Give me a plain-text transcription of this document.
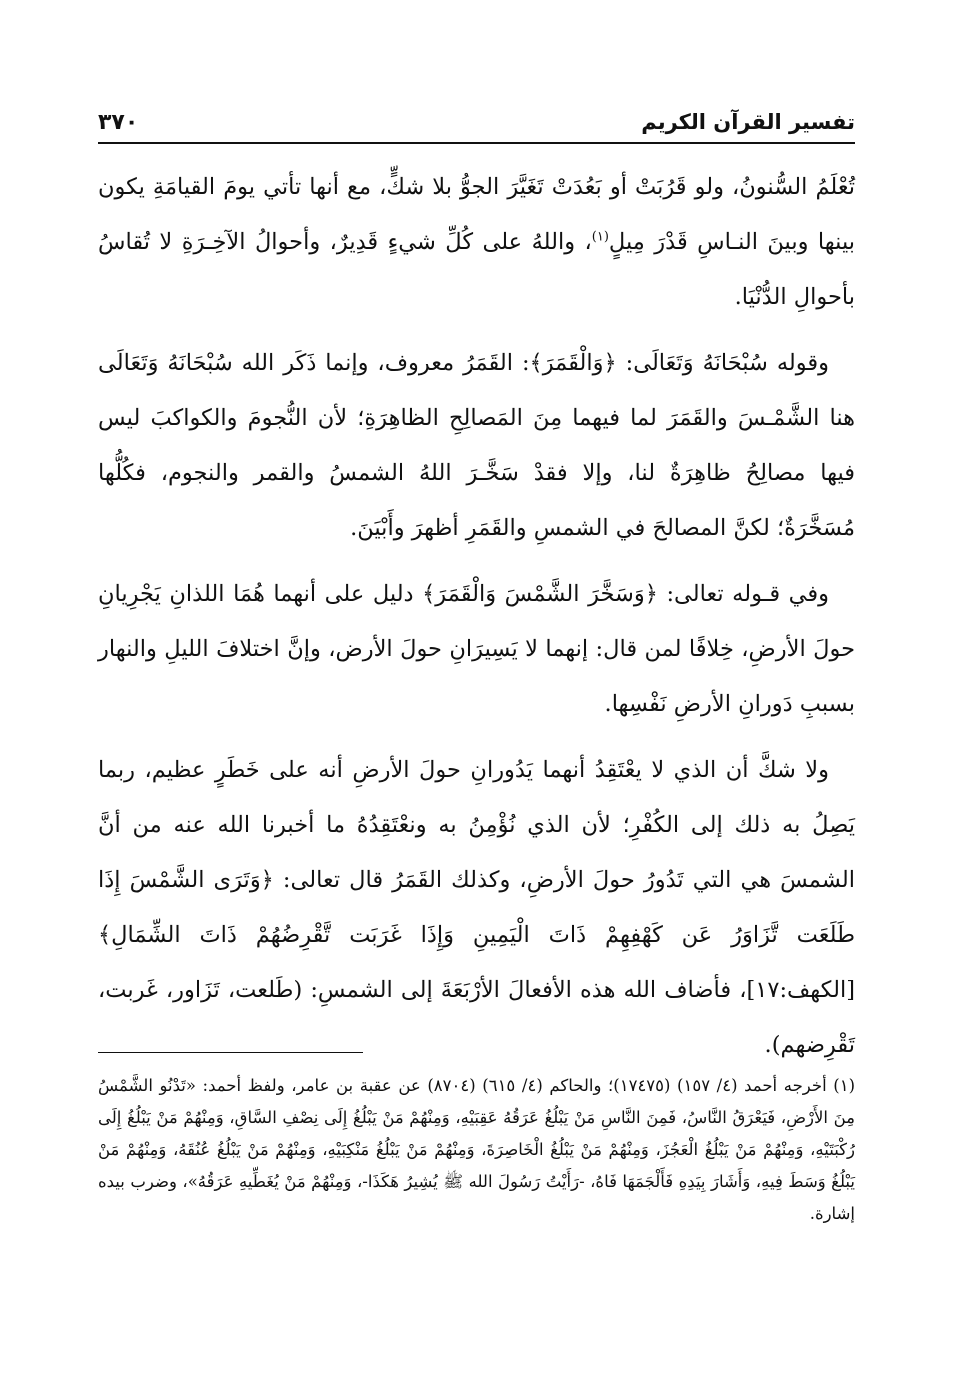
تفسير القرآن الكريم
٣٧٠

تُعْلَمُ السُّنونُ، ولو قَرُبَتْ أو بَعُدَتْ تَغَيَّرَ الجوُّ بلا شكٍّ، مع أنها تأتي يومَ القيامَةِ يكون بينها وبينَ النـاسِ قَدْرَ مِيلٍ$^{(١)}$، واللهُ على كُلِّ شيءٍ قَدِيرٌ، وأحوالُ الآخِـرَةِ لا تُقاسُ بأحوالِ الدُّنْيَا.

وقوله سُبْحَانَهُ وَتَعَالَى: ﴿وَالْقَمَرَ﴾: القَمَرُ معروف، وإنما ذَكَر الله سُبْحَانَهُ وَتَعَالَى هنا الشَّمْـسَ والقَمَرَ لما فيهما مِنَ المَصالِحِ الظاهِرَةِ؛ لأن النُّجومَ والكواكبَ ليس فيها مصالِحُ ظاهِرَةٌ لنا، وإلا فقدْ سَخَّـرَ اللهُ الشمسُ والقمر والنجوم، فكُلُّها مُسَخَّرَةٌ؛ لكنَّ المصالحَ في الشمسِ والقَمَرِ أظهرَ وأَبْيَنَ.

وفي قـوله تعالى: ﴿وَسَخَّرَ الشَّمْسَ وَالْقَمَرَ﴾ دليل على أنهما هُمَا اللذانِ يَجْرِيانِ حولَ الأرضِ، خِلافًا لمن قال: إنهما لا يَسِيرَانِ حولَ الأرض، وإنَّ اختلافَ الليلِ والنهار بسببِ دَورانِ الأرضِ نَفْسِها.

ولا شكَّ أن الذي لا يعْتَقِدُ أنهما يَدُورانِ حولَ الأرضِ أنه على خَطَرٍ عظيم، ربما يَصِلُ به ذلك إلى الكُفْرِ؛ لأن الذي نُؤْمِنُ به ونعْتَقِدُهُ ما أخبرنا الله عنه من أنَّ الشمسَ هي التي تَدُورُ حولَ الأرضِ، وكذلك القَمَرُ قال تعالى: ﴿وَتَرَى الشَّمْسَ إِذَا طَلَعَت تَّزَاوَرُ عَن كَهْفِهِمْ ذَاتَ الْيَمِينِ وَإِذَا غَرَبَت تَّقْرِضُهُمْ ذَاتَ الشِّمَالِ﴾ [الكهف:١٧]، فأضاف الله هذه الأفعالَ الأرْبَعَةَ إلى الشمسِ: (طَلعت، تَزَاور، غَربت، تَقْرِضهم).

(١) أخرجه أحمد (٤/ ١٥٧) (١٧٤٧٥)؛ والحاكم (٤/ ٦١٥) (٨٧٠٤) عن عقبة بن عامر، ولفظ أحمد: «تَدْنُو الشَّمْسُ مِنَ الأَرْضِ، فَيَعْرَقُ النَّاسُ، فَمِنَ النَّاسِ مَنْ يَبْلُغُ عَرَقُهُ عَقِبَيْهِ، وَمِنْهُمْ مَنْ يَبْلُغُ إِلَى نِصْفِ السَّاقِ، وَمِنْهُمْ مَنْ يَبْلُغُ إِلَى رُكْبَتَيْهِ، وَمِنْهُمْ مَنْ يَبْلُغُ الْعَجُزَ، وَمِنْهُمْ مَنْ يَبْلُغُ الْخَاصِرَةَ، وَمِنْهُمْ مَنْ يَبْلُغُ مَنْكِبَيْهِ، وَمِنْهُمْ مَنْ يَبْلُغُ عُنُقَهُ، وَمِنْهُمْ مَنْ يَبْلُغُ وَسَطَ فِيهِ، وَأَشَارَ بِيَدِهِ فَأَلْجَمَهَا فَاهُ، -رَأَيْتُ رَسُولَ الله ﷺ يُشِيرُ هَكَذَا-، وَمِنْهُمْ مَنْ يُغَطِّيهِ عَرَقُهُ»، وضرب بيده إشارة.
